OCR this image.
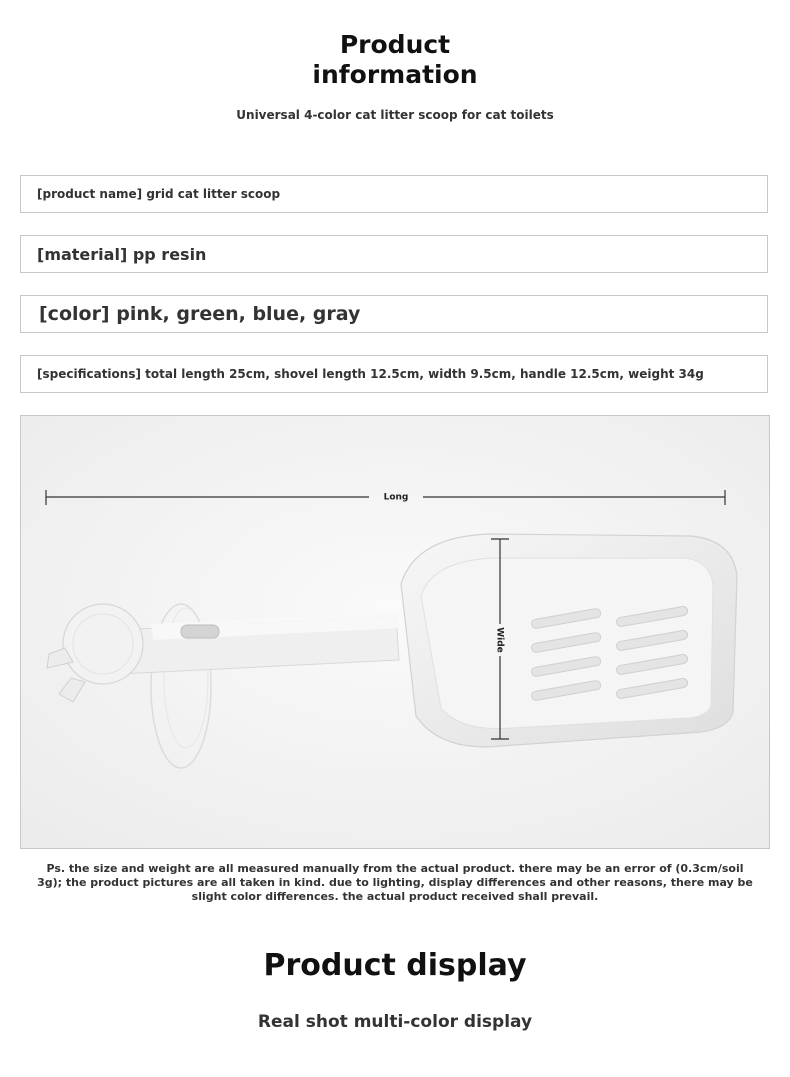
Product
information
Universal 4-color cat litter scoop for cat toilets
[product name] grid cat litter scoop
[material] pp resin
[color] pink, green, blue, gray
[specifications] total length 25cm, shovel length 12.5cm, width 9.5cm, handle 12.5cm, weight 34g
Long
Wide
Ps. the size and weight are all measured manually from the actual product. there may be an error of (0.3cm/soil 3g); the product pictures are all taken in kind. due to lighting, display differences and other reasons, there may be slight color differences. the actual product received shall prevail.
Product display
Real shot multi-color display
